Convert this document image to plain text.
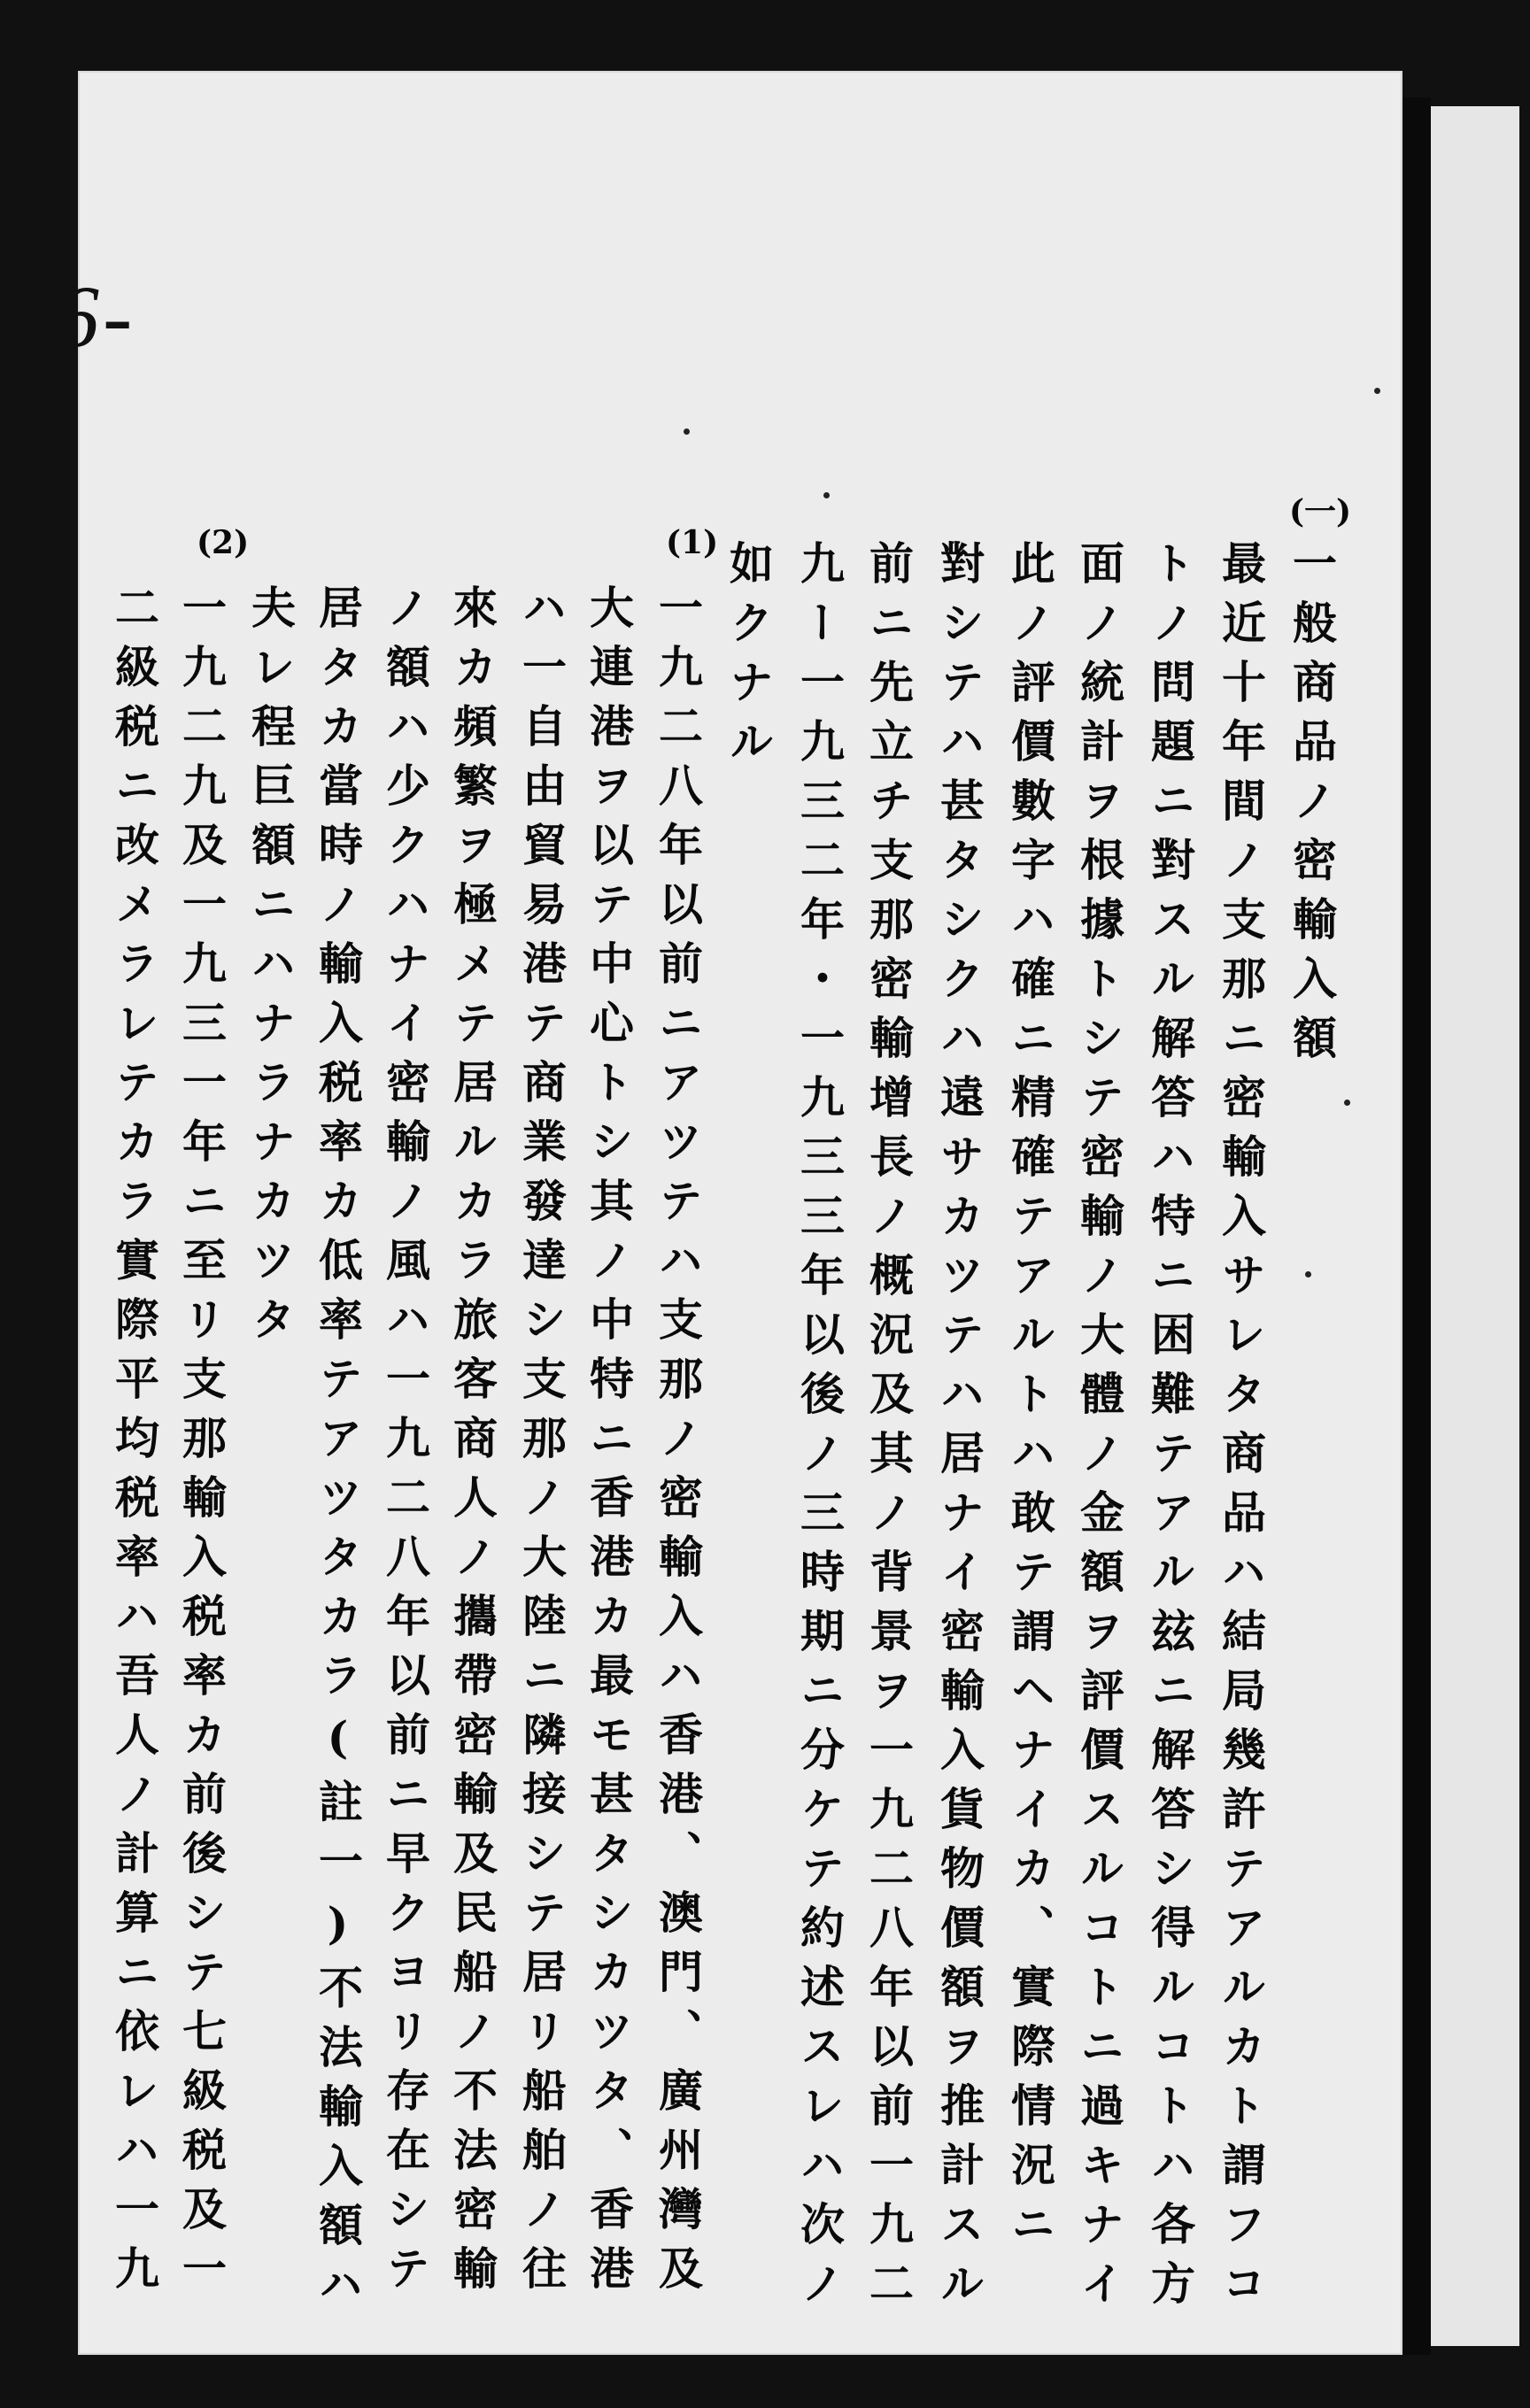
56-
(一)
一般商品ノ密輸入額
最近十年間ノ支那ニ密輸入サレタ商品ハ結局幾許テアルカト謂フコ
トノ問題ニ對スル解答ハ特ニ困難テアル玆ニ解答シ得ルコトハ各方
面ノ統計ヲ根據トシテ密輸ノ大體ノ金額ヲ評價スルコトニ過キナイ
此ノ評價數字ハ確ニ精確テアルトハ敢テ謂ヘナイカ、實際情況ニ
對シテハ甚タシクハ遠サカツテハ居ナイ密輸入貨物價額ヲ推計スル
前ニ先立チ支那密輸增長ノ概況及其ノ背景ヲ一九二八年以前一九二
九ー一九三二年・一九三三年以後ノ三時期ニ分ケテ約述スレハ次ノ
如クナル
(1)
一九二八年以前ニアツテハ支那ノ密輸入ハ香港、澳門、廣州灣及
大連港ヲ以テ中心トシ其ノ中特ニ香港カ最モ甚タシカツタ、香港
ハ一自由貿易港テ商業發達シ支那ノ大陸ニ隣接シテ居リ船舶ノ往
來カ頻繁ヲ極メテ居ルカラ旅客商人ノ攜帶密輸及民船ノ不法密輸
ノ額ハ少クハナイ密輸ノ風ハ一九二八年以前ニ早クヨリ存在シテ
居タカ當時ノ輸入税率カ低率テアツタカラ(註一)不法輸入額ハ
夫レ程巨額ニハナラナカツタ
(2)
一九二九及一九三一年ニ至リ支那輸入税率カ前後シテ七級税及一
二級税ニ改メラレテカラ實際平均税率ハ吾人ノ計算ニ依レハ一九
